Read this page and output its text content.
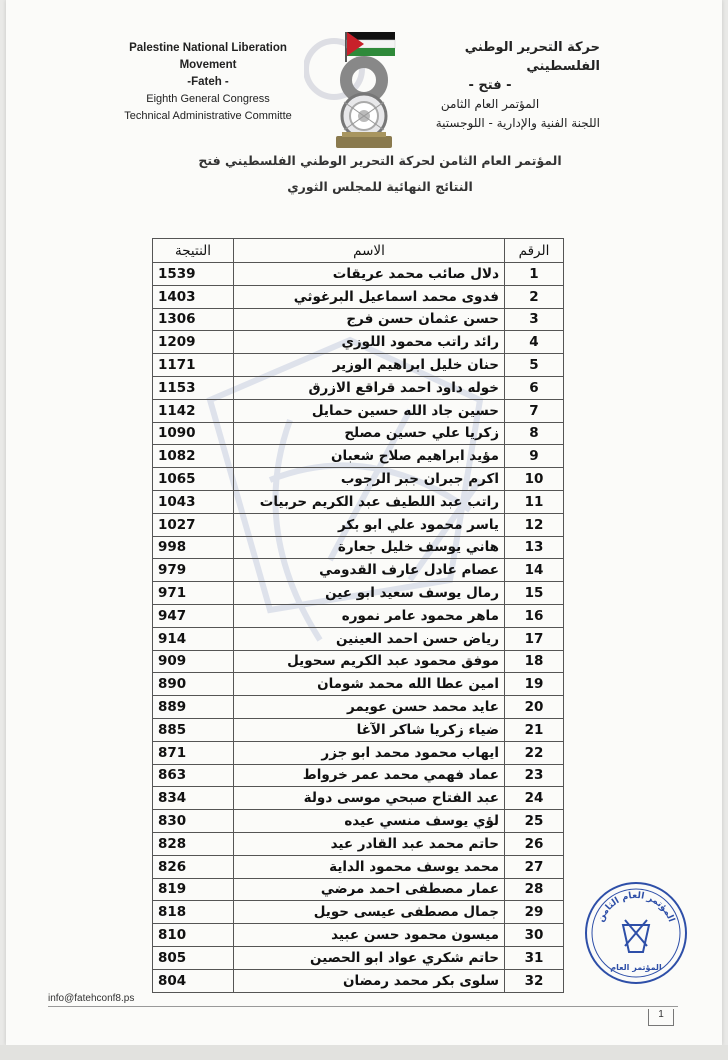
Palestine National Liberation Movement
-Fateh -
Eighth General Congress
Technical Administrative Committe
حركة التحرير الوطني الفلسطيني
- فتح -
المؤتمر العام الثامن
اللجنة الفنية والإدارية - اللوجستية
المؤتمر العام الثامن لحركة التحرير الوطني الفلسطيني فتح
النتائج النهائية للمجلس الثوري
الرقم	الاسم	النتيجة
1	دلال صائب محمد عريقات	1539
2	فدوى محمد اسماعيل البرغوثي	1403
3	حسن عثمان حسن فرج	1306
4	رائد راتب محمود اللوزي	1209
5	حنان خليل ابراهيم الوزير	1171
6	خوله داود احمد قراقع الازرق	1153
7	حسين جاد الله حسين حمايل	1142
8	زكريا علي حسين مصلح	1090
9	مؤيد ابراهيم صلاح شعبان	1082
10	اكرم جبران جبر الرجوب	1065
11	راتب عبد اللطيف عبد الكريم حربيات	1043
12	ياسر محمود علي ابو بكر	1027
13	هاني يوسف خليل جعارة	998
14	عصام عادل عارف القدومي	979
15	رمال يوسف سعيد ابو عين	971
16	ماهر محمود عامر نموره	947
17	رياض حسن احمد العينين	914
18	موفق محمود عبد الكريم سحويل	909
19	امين عطا الله محمد شومان	890
20	عايد محمد حسن عويمر	889
21	ضياء زكريا شاكر الآغا	885
22	ايهاب محمود محمد ابو جزر	871
23	عماد فهمي محمد عمر خرواط	863
24	عبد الفتاح صبحي موسى دولة	834
25	لؤي يوسف منسي عيده	830
26	حاتم محمد عبد القادر عيد	828
27	محمد يوسف محمود الداية	826
28	عمار مصطفى احمد مرضي	819
29	جمال مصطفى عيسى حويل	818
30	ميسون محمود حسن عبيد	810
31	حاتم شكري عواد ابو الحصين	805
32	سلوى بكر محمد رمضان	804
المؤتمر العام الثامن
المؤتمر العام
info@fatehconf8.ps
1
